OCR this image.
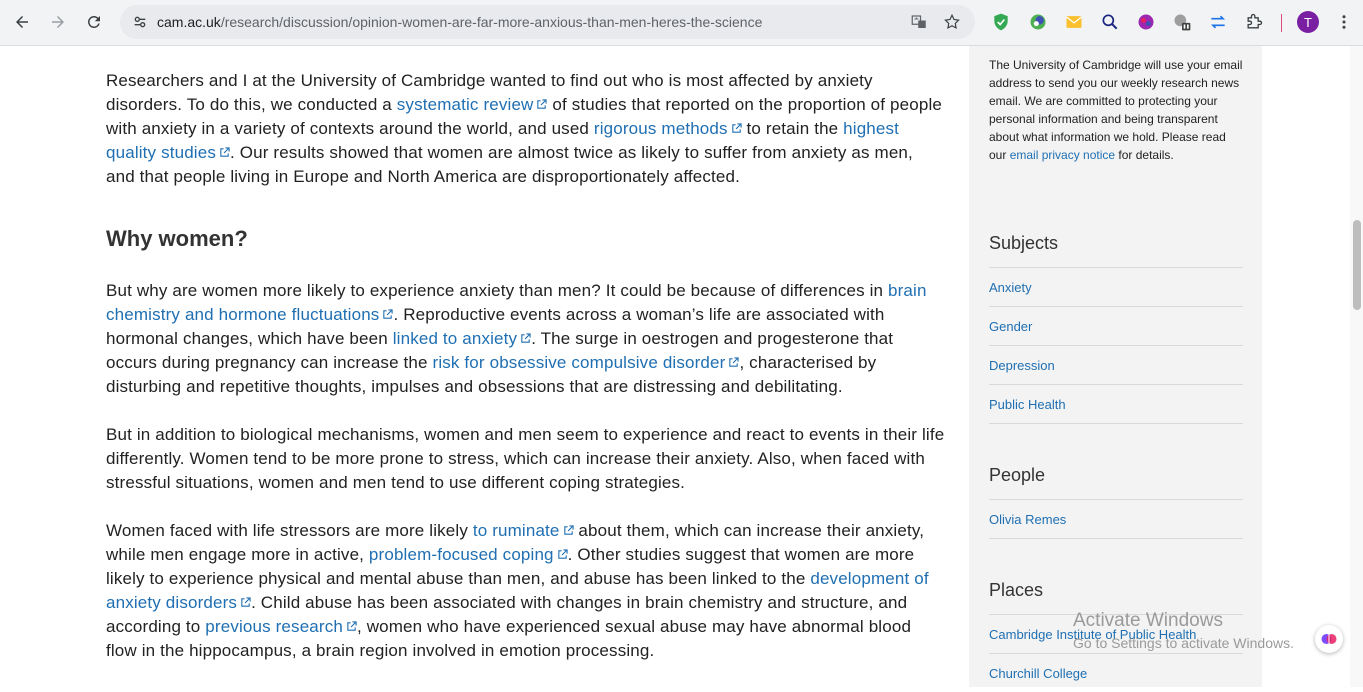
cam.ac.uk/research/discussion/opinion-women-are-far-more-anxious-than-men-heres-the-science	T

Researchers and I at the University of Cambridge wanted to find out who is most affected by anxiety disorders. To do this, we conducted a systematic review of studies that reported on the proportion of people with anxiety in a variety of contexts around the world, and used rigorous methods to retain the highest quality studies . Our results showed that women are almost twice as likely to suffer from anxiety as men, and that people living in Europe and North America are disproportionately affected.

Why women?

But why are women more likely to experience anxiety than men? It could be because of differences in brain chemistry and hormone fluctuations . Reproductive events across a woman’s life are associated with hormonal changes, which have been linked to anxiety . The surge in oestrogen and progesterone that occurs during pregnancy can increase the risk for obsessive compulsive disorder , characterised by disturbing and repetitive thoughts, impulses and obsessions that are distressing and debilitating.

But in addition to biological mechanisms, women and men seem to experience and react to events in their life differently. Women tend to be more prone to stress, which can increase their anxiety. Also, when faced with stressful situations, women and men tend to use different coping strategies.

Women faced with life stressors are more likely to ruminate about them, which can increase their anxiety, while men engage more in active, problem-focused coping . Other studies suggest that women are more likely to experience physical and mental abuse than men, and abuse has been linked to the development of anxiety disorders . Child abuse has been associated with changes in brain chemistry and structure, and according to previous research , women who have experienced sexual abuse may have abnormal blood flow in the hippocampus, a brain region involved in emotion processing.

The University of Cambridge will use your email address to send you our weekly research news email. We are committed to protecting your personal information and being transparent about what information we hold. Please read our email privacy notice for details.
Subjects
Anxiety
Gender
Depression
Public Health
People
Olivia Remes
Places
Cambridge Institute of Public Health
Churchill College
Activate Windows
Go to Settings to activate Windows.
